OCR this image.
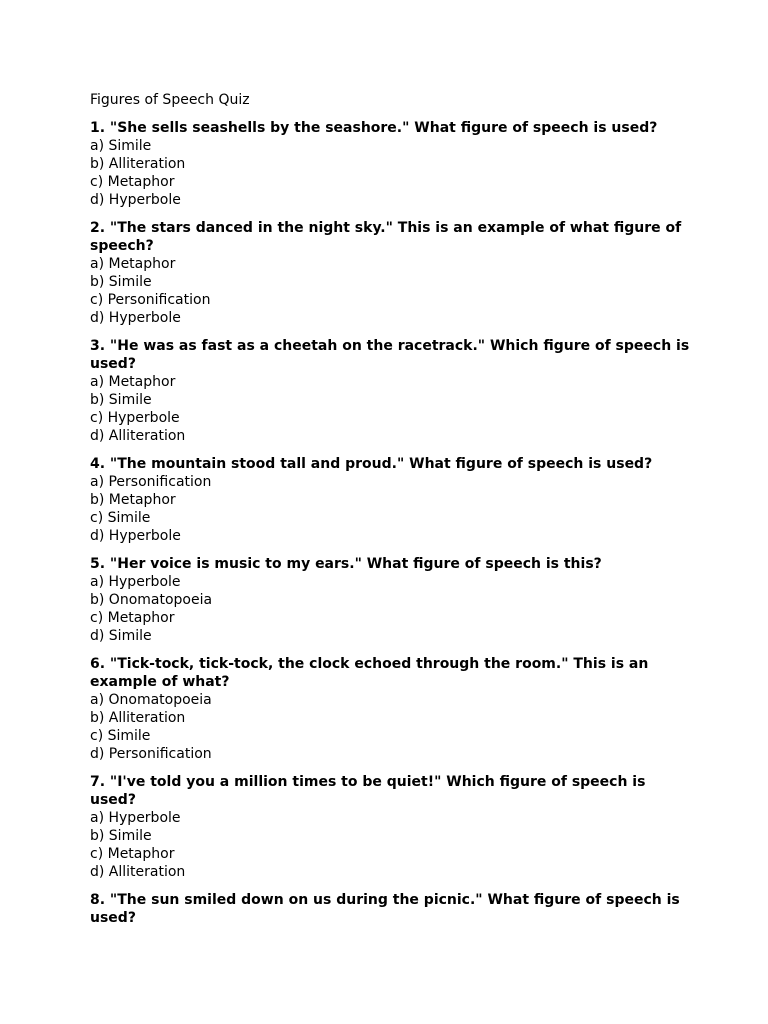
Figures of Speech Quiz
1. "She sells seashells by the seashore." What figure of speech is used?
a) Simile
b) Alliteration
c) Metaphor
d) Hyperbole
2. "The stars danced in the night sky." This is an example of what figure of speech?
a) Metaphor
b) Simile
c) Personification
d) Hyperbole
3. "He was as fast as a cheetah on the racetrack." Which figure of speech is used?
a) Metaphor
b) Simile
c) Hyperbole
d) Alliteration
4. "The mountain stood tall and proud." What figure of speech is used?
a) Personification
b) Metaphor
c) Simile
d) Hyperbole
5. "Her voice is music to my ears." What figure of speech is this?
a) Hyperbole
b) Onomatopoeia
c) Metaphor
d) Simile
6. "Tick-tock, tick-tock, the clock echoed through the room." This is an example of what?
a) Onomatopoeia
b) Alliteration
c) Simile
d) Personification
7. "I've told you a million times to be quiet!" Which figure of speech is used?
a) Hyperbole
b) Simile
c) Metaphor
d) Alliteration
8. "The sun smiled down on us during the picnic." What figure of speech is used?
